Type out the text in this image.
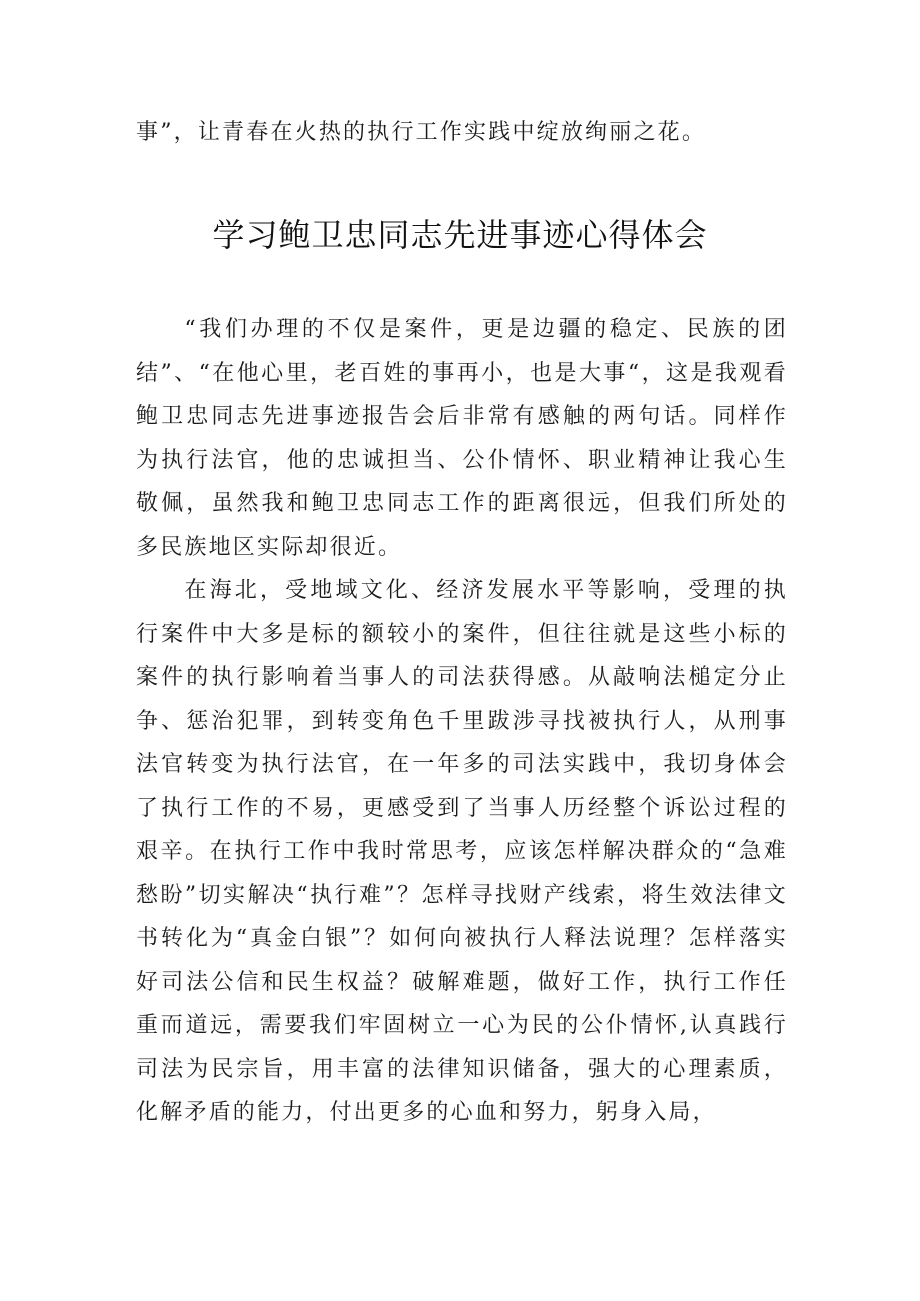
事”，让青春在火热的执行工作实践中绽放绚丽之花。
学习鲍卫忠同志先进事迹心得体会

“我们办理的不仅是案件，更是边疆的稳定、民族的团结”、“在他心里，老百姓的事再小，也是大事“，这是我观看鲍卫忠同志先进事迹报告会后非常有感触的两句话。同样作为执行法官，他的忠诚担当、公仆情怀、职业精神让我心生敬佩，虽然我和鲍卫忠同志工作的距离很远，但我们所处的多民族地区实际却很近。

在海北，受地域文化、经济发展水平等影响，受理的执行案件中大多是标的额较小的案件，但往往就是这些小标的案件的执行影响着当事人的司法获得感。从敲响法槌定分止争、惩治犯罪，到转变角色千里跋涉寻找被执行人，从刑事法官转变为执行法官，在一年多的司法实践中，我切身体会了执行工作的不易，更感受到了当事人历经整个诉讼过程的艰辛。在执行工作中我时常思考，应该怎样解决群众的“急难愁盼”切实解决“执行难”？怎样寻找财产线索，将生效法律文书转化为“真金白银”？如何向被执行人释法说理？怎样落实好司法公信和民生权益？破解难题，做好工作，执行工作任重而道远，需要我们牢固树立一心为民的公仆情怀,认真践行司法为民宗旨，用丰富的法律知识储备，强大的心理素质，化解矛盾的能力，付出更多的心血和努力，躬身入局，
